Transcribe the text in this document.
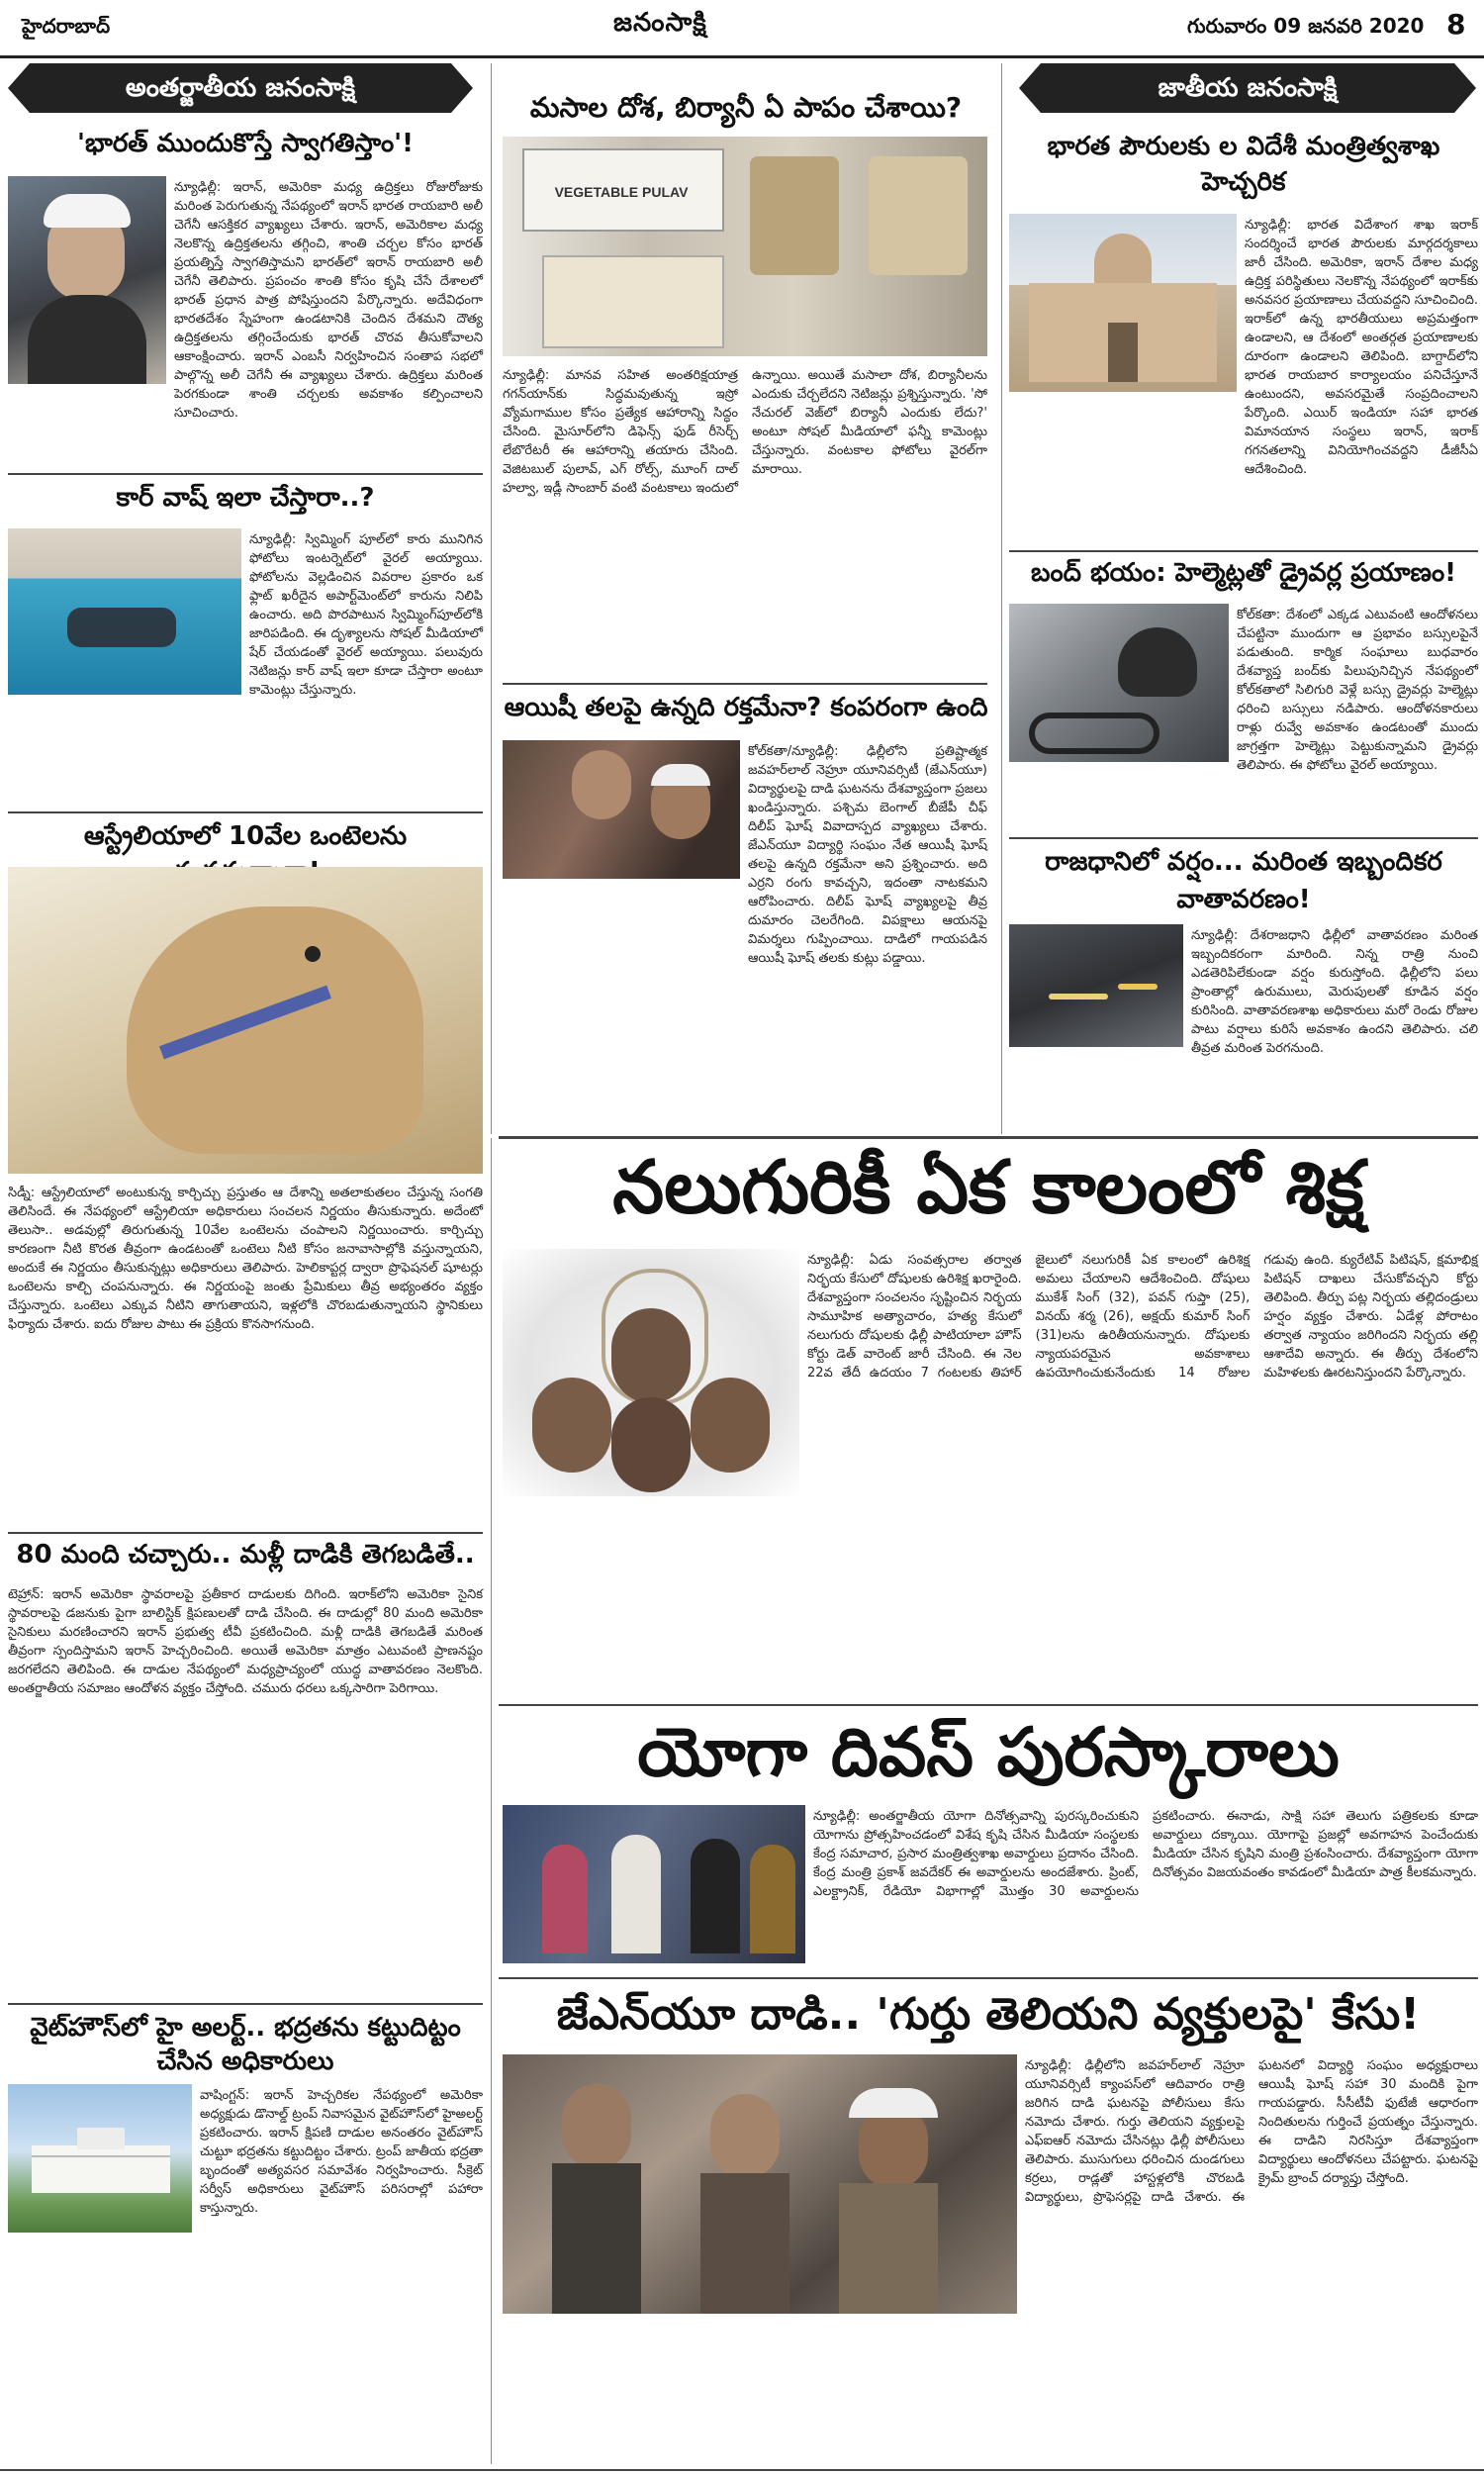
హైదరాబాద్	జనంసాక్షి	గురువారం 09 జనవరి 2020 8
అంతర్జాతీయ జనంసాక్షి	జాతీయ జనంసాక్షి
'భారత్ ముందుకొస్తే స్వాగతిస్తాం'!
న్యూఢిల్లీ: ఇరాన్, అమెరికా మధ్య ఉద్రిక్తలు రోజురోజుకు మరింత పెరుగుతున్న నేపథ్యంలో ఇరాన్ భారత రాయబారి అలీ చెగేనీ ఆసక్తికర వ్యాఖ్యలు చేశారు. ఇరాన్, అమెరికాల మధ్య నెలకొన్న ఉద్రిక్తతలను తగ్గించి, శాంతి చర్చల కోసం భారత్ ప్రయత్నిస్తే స్వాగతిస్తామని భారత్‌లో ఇరాన్ రాయబారి అలీ చెగేనీ తెలిపారు. ప్రపంచం శాంతి కోసం కృషి చేసే దేశాలలో భారత్ ప్రధాన పాత్ర పోషిస్తుందని పేర్కొన్నారు. అదేవిధంగా భారతదేశం స్నేహంగా ఉండటానికి చెందిన దేశమని దౌత్య ఉద్రిక్తతలను తగ్గించేందుకు భారత్ చొరవ తీసుకోవాలని ఆకాంక్షించారు. ఇరాన్ ఎంబసీ నిర్వహించిన సంతాప సభలో పాల్గొన్న అలీ చెగేనీ ఈ వ్యాఖ్యలు చేశారు. ఉద్రిక్తలు మరింత పెరగకుండా శాంతి చర్చలకు అవకాశం కల్పించాలని సూచించారు.
కార్ వాష్ ఇలా చేస్తారా..?
న్యూఢిల్లీ: స్విమ్మింగ్ పూల్‌లో కారు మునిగిన ఫోటోలు ఇంటర్నెట్‌లో వైరల్ అయ్యాయి. ఫోటోలను వెల్లడించిన వివరాల ప్రకారం ఒక ఫ్లాట్ ఖరీదైన అపార్ట్‌మెంట్‌లో కారును నిలిపి ఉంచారు. అది పొరపాటున స్విమ్మింగ్‌పూల్‌లోకి జారిపడింది. ఈ దృశ్యాలను సోషల్ మీడియాలో షేర్ చేయడంతో వైరల్ అయ్యాయి. పలువురు నెటిజన్లు కార్ వాష్ ఇలా కూడా చేస్తారా అంటూ కామెంట్లు చేస్తున్నారు.
ఆస్ట్రేలియాలో 10వేల ఒంటెలను
సిడ్నీ: ఆస్ట్రేలియాలో అంటుకున్న కార్చిచ్చు ప్రస్తుతం ఆ దేశాన్ని అతలాకుతలం చేస్తున్న సంగతి తెలిసిందే. ఈ నేపథ్యంలో ఆస్ట్రేలియా అధికారులు సంచలన నిర్ణయం తీసుకున్నారు. అదేంటో తెలుసా.. అడవుల్లో తిరుగుతున్న 10వేల ఒంటెలను చంపాలని నిర్ణయించారు. కార్చిచ్చు కారణంగా నీటి కొరత తీవ్రంగా ఉండటంతో ఒంటెలు నీటి కోసం జనావాసాల్లోకి వస్తున్నాయని, అందుకే ఈ నిర్ణయం తీసుకున్నట్లు అధికారులు తెలిపారు. హెలికాప్టర్ల ద్వారా ప్రొఫెషనల్ షూటర్లు ఒంటెలను కాల్చి చంపనున్నారు. ఈ నిర్ణయంపై జంతు ప్రేమికులు తీవ్ర అభ్యంతరం వ్యక్తం చేస్తున్నారు. ఒంటెలు ఎక్కువ నీటిని తాగుతాయని, ఇళ్లలోకి చొరబడుతున్నాయని స్థానికులు ఫిర్యాదు చేశారు. ఐదు రోజుల పాటు ఈ ప్రక్రియ కొనసాగనుంది.
80 మంది చచ్చారు.. మళ్లీ దాడికి తెగబడితే..
టెహ్రాన్: ఇరాన్ అమెరికా స్థావరాలపై ప్రతీకార దాడులకు దిగింది. ఇరాక్‌లోని అమెరికా సైనిక స్థావరాలపై డజనుకు పైగా బాలిస్టిక్ క్షిపణులతో దాడి చేసింది. ఈ దాడుల్లో 80 మంది అమెరికా సైనికులు మరణించారని ఇరాన్ ప్రభుత్వ టీవీ ప్రకటించింది. మళ్లీ దాడికి తెగబడితే మరింత తీవ్రంగా స్పందిస్తామని ఇరాన్ హెచ్చరించింది. అయితే అమెరికా మాత్రం ఎటువంటి ప్రాణనష్టం జరగలేదని తెలిపింది. ఈ దాడుల నేపథ్యంలో మధ్యప్రాచ్యంలో యుద్ధ వాతావరణం నెలకొంది. అంతర్జాతీయ సమాజం ఆందోళన వ్యక్తం చేస్తోంది. చమురు ధరలు ఒక్కసారిగా పెరిగాయి.
వైట్‌హౌస్‌లో హై అలర్ట్.. భద్రతను కట్టుదిట్టం చేసిన అధికారులు
వాషింగ్టన్: ఇరాన్ హెచ్చరికల నేపథ్యంలో అమెరికా అధ్యక్షుడు డొనాల్డ్ ట్రంప్ నివాసమైన వైట్‌హౌస్‌లో హైఅలర్ట్ ప్రకటించారు. ఇరాన్ క్షిపణి దాడుల అనంతరం వైట్‌హౌస్ చుట్టూ భద్రతను కట్టుదిట్టం చేశారు. ట్రంప్ జాతీయ భద్రతా బృందంతో అత్యవసర సమావేశం నిర్వహించారు. సీక్రెట్ సర్వీస్ అధికారులు వైట్‌హౌస్ పరిసరాల్లో పహారా కాస్తున్నారు.
మసాల దోశ, బిర్యానీ ఏ పాపం చేశాయి?
VEGETABLE PULAV
న్యూఢిల్లీ: మానవ సహిత అంతరిక్షయాత్ర గగన్‌యాన్‌కు సిద్ధమవుతున్న ఇస్రో వ్యోమగాముల కోసం ప్రత్యేక ఆహారాన్ని సిద్ధం చేసింది. మైసూర్‌లోని డిఫెన్స్ ఫుడ్ రీసెర్చ్ లేబొరేటరీ ఈ ఆహారాన్ని తయారు చేసింది. వెజిటబుల్ పులావ్, ఎగ్ రోల్స్, మూంగ్ దాల్ హల్వా, ఇడ్లీ సాంబార్ వంటి వంటకాలు ఇందులో ఉన్నాయి. అయితే మసాలా దోశ, బిర్యానీలను ఎందుకు చేర్చలేదని నెటిజన్లు ప్రశ్నిస్తున్నారు. 'సో నేచురల్ వెజ్‌లో బిర్యానీ ఎందుకు లేదు?' అంటూ సోషల్ మీడియాలో ఫన్నీ కామెంట్లు చేస్తున్నారు. వంటకాల ఫోటోలు వైరల్‌గా మారాయి.
ఆయిషీ తలపై ఉన్నది రక్తమేనా? కంపరంగా ఉంది
కోల్‌కతా/న్యూఢిల్లీ: ఢిల్లీలోని ప్రతిష్టాత్మక జవహర్‌లాల్ నెహ్రూ యూనివర్సిటీ (జేఎన్‌యూ) విద్యార్థులపై దాడి ఘటనను దేశవ్యాప్తంగా ప్రజలు ఖండిస్తున్నారు. పశ్చిమ బెంగాల్ బీజేపీ చీఫ్ దిలీప్ ఘోష్ వివాదాస్పద వ్యాఖ్యలు చేశారు. జేఎన్‌యూ విద్యార్థి సంఘం నేత ఆయిషీ ఘోష్ తలపై ఉన్నది రక్తమేనా అని ప్రశ్నించారు. అది ఎర్రని రంగు కావచ్చని, ఇదంతా నాటకమని ఆరోపించారు. దిలీప్ ఘోష్ వ్యాఖ్యలపై తీవ్ర దుమారం చెలరేగింది. విపక్షాలు ఆయనపై విమర్శలు గుప్పించాయి. దాడిలో గాయపడిన ఆయిషీ ఘోష్ తలకు కుట్లు పడ్డాయి.
భారత పౌరులకు ల విదేశీ మంత్రిత్వశాఖ హెచ్చరిక
న్యూఢిల్లీ: భారత విదేశాంగ శాఖ ఇరాక్ సందర్శించే భారత పౌరులకు మార్గదర్శకాలు జారీ చేసింది. అమెరికా, ఇరాన్ దేశాల మధ్య ఉద్రిక్త పరిస్థితులు నెలకొన్న నేపథ్యంలో ఇరాక్‌కు అనవసర ప్రయాణాలు చేయవద్దని సూచించింది. ఇరాక్‌లో ఉన్న భారతీయులు అప్రమత్తంగా ఉండాలని, ఆ దేశంలో అంతర్గత ప్రయాణాలకు దూరంగా ఉండాలని తెలిపింది. బాగ్దాద్‌లోని భారత రాయబార కార్యాలయం పనిచేస్తూనే ఉంటుందని, అవసరమైతే సంప్రదించాలని పేర్కొంది. ఎయిర్ ఇండియా సహా భారత విమానయాన సంస్థలు ఇరాన్, ఇరాక్ గగనతలాన్ని వినియోగించవద్దని డీజీసీఏ ఆదేశించింది.
బంద్ భయం: హెల్మెట్లతో డ్రైవర్ల ప్రయాణం!
కోల్‌కతా: దేశంలో ఎక్కడ ఎటువంటి ఆందోళనలు చేపట్టినా ముందుగా ఆ ప్రభావం బస్సులపైనే పడుతుంది. కార్మిక సంఘాలు బుధవారం దేశవ్యాప్త బంద్‌కు పిలుపునిచ్చిన నేపథ్యంలో కోల్‌కతాలో సిలిగురి వెళ్లే బస్సు డ్రైవర్లు హెల్మెట్లు ధరించి బస్సులు నడిపారు. ఆందోళనకారులు రాళ్లు రువ్వే అవకాశం ఉండటంతో ముందు జాగ్రత్తగా హెల్మెట్లు పెట్టుకున్నామని డ్రైవర్లు తెలిపారు. ఈ ఫోటోలు వైరల్ అయ్యాయి.
రాజధానిలో వర్షం... మరింత ఇబ్బందికర వాతావరణం!
న్యూఢిల్లీ: దేశరాజధాని ఢిల్లీలో వాతావరణం మరింత ఇబ్బందికరంగా మారింది. నిన్న రాత్రి నుంచి ఎడతెరిపిలేకుండా వర్షం కురుస్తోంది. ఢిల్లీలోని పలు ప్రాంతాల్లో ఉరుములు, మెరుపులతో కూడిన వర్షం కురిసింది. వాతావరణశాఖ అధికారులు మరో రెండు రోజుల పాటు వర్షాలు కురిసే అవకాశం ఉందని తెలిపారు. చలి తీవ్రత మరింత పెరగనుంది.
నలుగురికీ ఏక కాలంలో శిక్ష
న్యూఢిల్లీ: ఏడు సంవత్సరాల తర్వాత నిర్భయ కేసులో దోషులకు ఉరిశిక్ష ఖరారైంది. దేశవ్యాప్తంగా సంచలనం సృష్టించిన నిర్భయ సామూహిక అత్యాచారం, హత్య కేసులో నలుగురు దోషులకు ఢిల్లీ పాటియాలా హౌస్ కోర్టు డెత్ వారెంట్ జారీ చేసింది. ఈ నెల 22వ తేదీ ఉదయం 7 గంటలకు తిహార్ జైలులో నలుగురికీ ఏక కాలంలో ఉరిశిక్ష అమలు చేయాలని ఆదేశించింది. దోషులు ముకేశ్ సింగ్ (32), పవన్ గుప్తా (25), వినయ్ శర్మ (26), అక్షయ్ కుమార్ సింగ్ (31)లను ఉరితీయనున్నారు. దోషులకు న్యాయపరమైన అవకాశాలు ఉపయోగించుకునేందుకు 14 రోజుల గడువు ఉంది. క్యురేటివ్ పిటిషన్, క్షమాభిక్ష పిటిషన్ దాఖలు చేసుకోవచ్చని కోర్టు తెలిపింది. తీర్పు పట్ల నిర్భయ తల్లిదండ్రులు హర్షం వ్యక్తం చేశారు. ఏడేళ్ల పోరాటం తర్వాత న్యాయం జరిగిందని నిర్భయ తల్లి ఆశాదేవి అన్నారు. ఈ తీర్పు దేశంలోని మహిళలకు ఊరటనిస్తుందని పేర్కొన్నారు.
యోగా దివస్ పురస్కారాలు
న్యూఢిల్లీ: అంతర్జాతీయ యోగా దినోత్సవాన్ని పురస్కరించుకుని యోగాను ప్రోత్సహించడంలో విశేష కృషి చేసిన మీడియా సంస్థలకు కేంద్ర సమాచార, ప్రసార మంత్రిత్వశాఖ అవార్డులు ప్రదానం చేసింది. కేంద్ర మంత్రి ప్రకాశ్ జవదేకర్ ఈ అవార్డులను అందజేశారు. ప్రింట్, ఎలక్ట్రానిక్, రేడియో విభాగాల్లో మొత్తం 30 అవార్డులను ప్రకటించారు. ఈనాడు, సాక్షి సహా తెలుగు పత్రికలకు కూడా అవార్డులు దక్కాయి. యోగాపై ప్రజల్లో అవగాహన పెంచేందుకు మీడియా చేసిన కృషిని మంత్రి ప్రశంసించారు. దేశవ్యాప్తంగా యోగా దినోత్సవం విజయవంతం కావడంలో మీడియా పాత్ర కీలకమన్నారు.
జేఎన్‌యూ దాడి.. 'గుర్తు తెలియని వ్యక్తులపై' కేసు!
న్యూఢిల్లీ: ఢిల్లీలోని జవహర్‌లాల్ నెహ్రూ యూనివర్సిటీ క్యాంపస్‌లో ఆదివారం రాత్రి జరిగిన దాడి ఘటనపై పోలీసులు కేసు నమోదు చేశారు. గుర్తు తెలియని వ్యక్తులపై ఎఫ్ఐఆర్ నమోదు చేసినట్లు ఢిల్లీ పోలీసులు తెలిపారు. ముసుగులు ధరించిన దుండగులు కర్రలు, రాడ్లతో హాస్టళ్లలోకి చొరబడి విద్యార్థులు, ప్రొఫెసర్లపై దాడి చేశారు. ఈ ఘటనలో విద్యార్థి సంఘం అధ్యక్షురాలు ఆయిషీ ఘోష్ సహా 30 మందికి పైగా గాయపడ్డారు. సీసీటీవీ ఫుటేజీ ఆధారంగా నిందితులను గుర్తించే ప్రయత్నం చేస్తున్నారు. ఈ దాడిని నిరసిస్తూ దేశవ్యాప్తంగా విద్యార్థులు ఆందోళనలు చేపట్టారు. ఘటనపై క్రైమ్ బ్రాంచ్ దర్యాప్తు చేస్తోంది.
